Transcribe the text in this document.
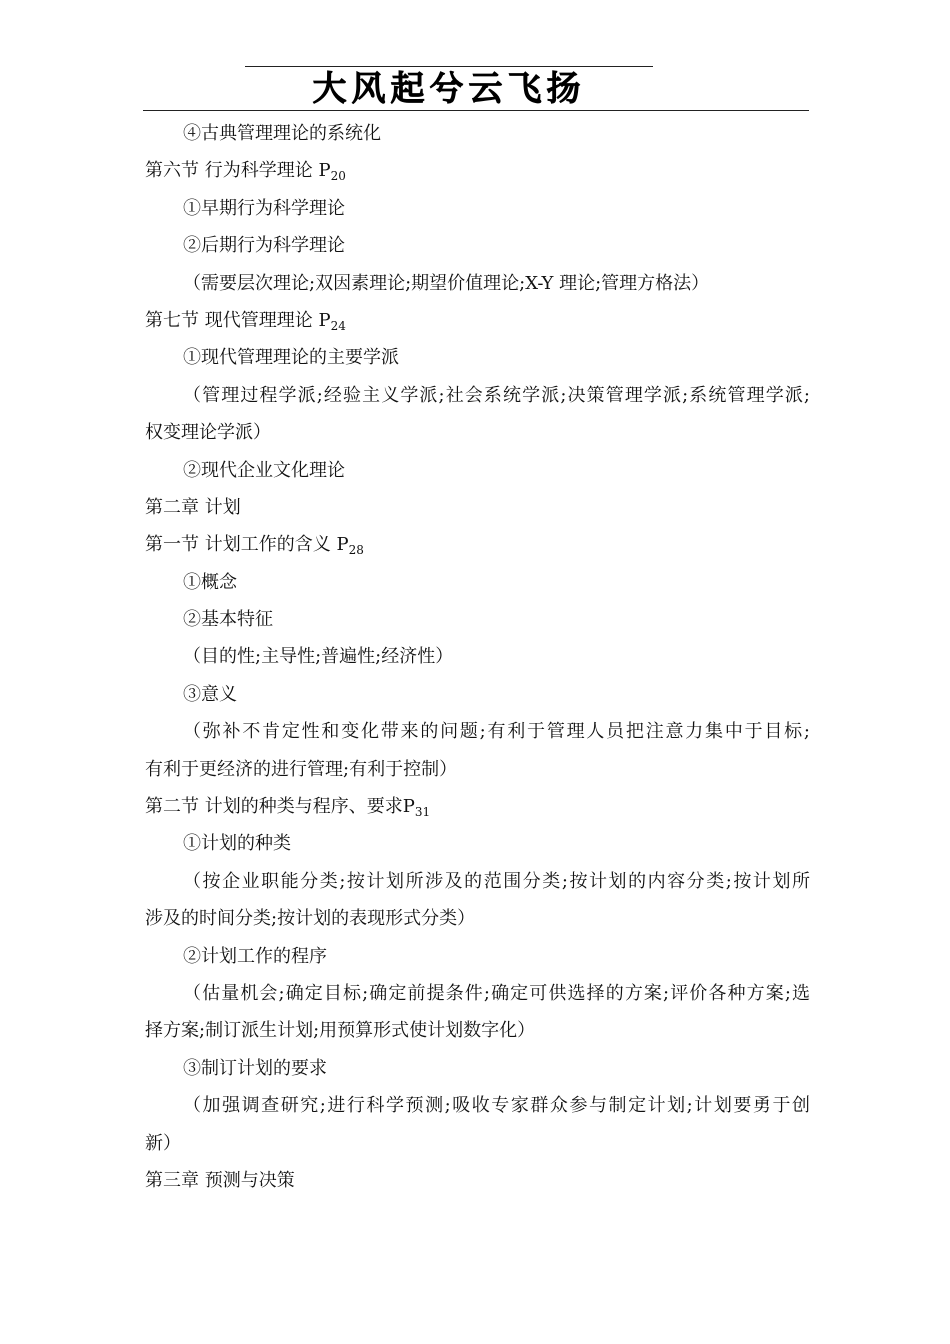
大风起兮云飞扬
④古典管理理论的系统化
第六节 行为科学理论 $P_{20}$
①早期行为科学理论
②后期行为科学理论
（需要层次理论;双因素理论;期望价值理论;X-Y 理论;管理方格法）
第七节 现代管理理论 $P_{24}$
①现代管理理论的主要学派
（管理过程学派;经验主义学派;社会系统学派;决策管理学派;系统管理学派;
权变理论学派）
②现代企业文化理论
第二章 计划
第一节 计划工作的含义 $P_{28}$
①概念
②基本特征
（目的性;主导性;普遍性;经济性）
③意义
（弥补不肯定性和变化带来的问题;有利于管理人员把注意力集中于目标;
有利于更经济的进行管理;有利于控制）
第二节 计划的种类与程序、要求$P_{31}$
①计划的种类
（按企业职能分类;按计划所涉及的范围分类;按计划的内容分类;按计划所
涉及的时间分类;按计划的表现形式分类）
②计划工作的程序
（估量机会;确定目标;确定前提条件;确定可供选择的方案;评价各种方案;选
择方案;制订派生计划;用预算形式使计划数字化）
③制订计划的要求
（加强调查研究;进行科学预测;吸收专家群众参与制定计划;计划要勇于创
新）
第三章 预测与决策
